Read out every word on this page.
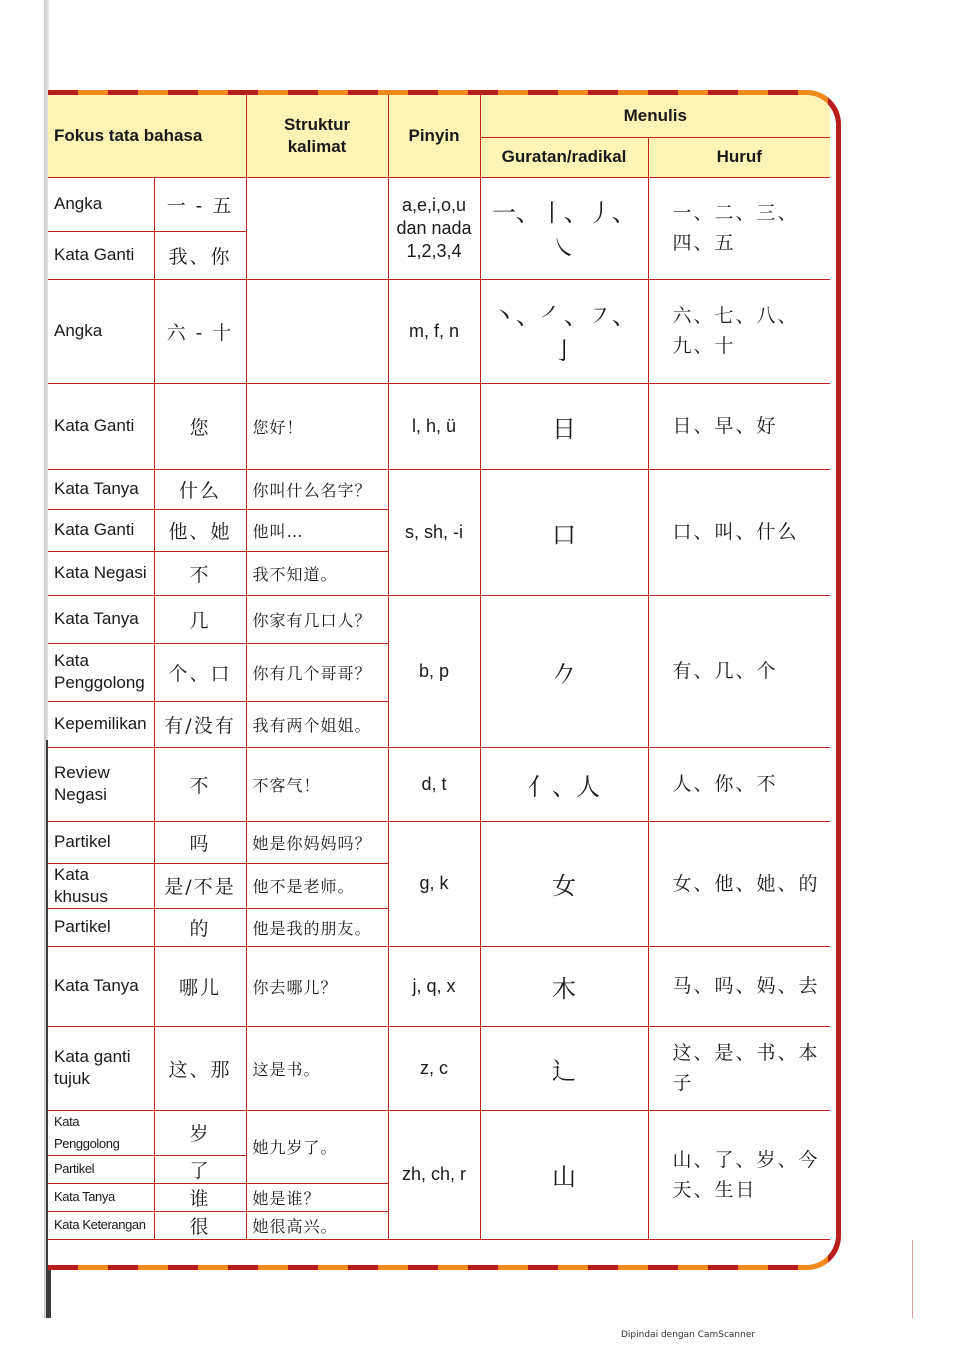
Fokus tata bahasa		Struktur kalimat	Pinyin	Menulis	
				Guratan/radikal	Huruf
Angka	一 - 五		a,e,i,o,u dan nada 1,2,3,4	一、丨、丿、㇏	一、二、三、四、五
Kata Ganti	我、你				
Angka	六 - 十		m, f, n	丶、㇒、㇇、亅	六、七、八、九、十
Kata Ganti	您	您好！	l, h, ü	日	日、早、好
Kata Tanya	什么	你叫什么名字？	s, sh, -i	口	口、叫、什么
Kata Ganti	他、她	他叫…			
Kata Negasi	不	我不知道。			
Kata Tanya	几	你家有几口人？	b, p	𠂊	有、几、个
Kata Penggolong	个、口	你有几个哥哥？			
Kepemilikan	有/没有	我有两个姐姐。			
Review Negasi	不	不客气！	d, t	亻、人	人、你、不
Partikel	吗	她是你妈妈吗？	g, k	女	女、他、她、的
Kata khusus	是/不是	他不是老师。			
Partikel	的	他是我的朋友。			
Kata Tanya	哪儿	你去哪儿？	j, q, x	木	马、吗、妈、去
Kata ganti tujuk	这、那	这是书。	z, c	辶	这、是、书、本子
Kata Penggolong	岁	她九岁了。	zh, ch, r	山	山、了、岁、今天、生日
Partikel	了				
Kata Tanya	谁	她是谁？			
Kata Keterangan	很	她很高兴。			
Dipindai dengan CamScanner
